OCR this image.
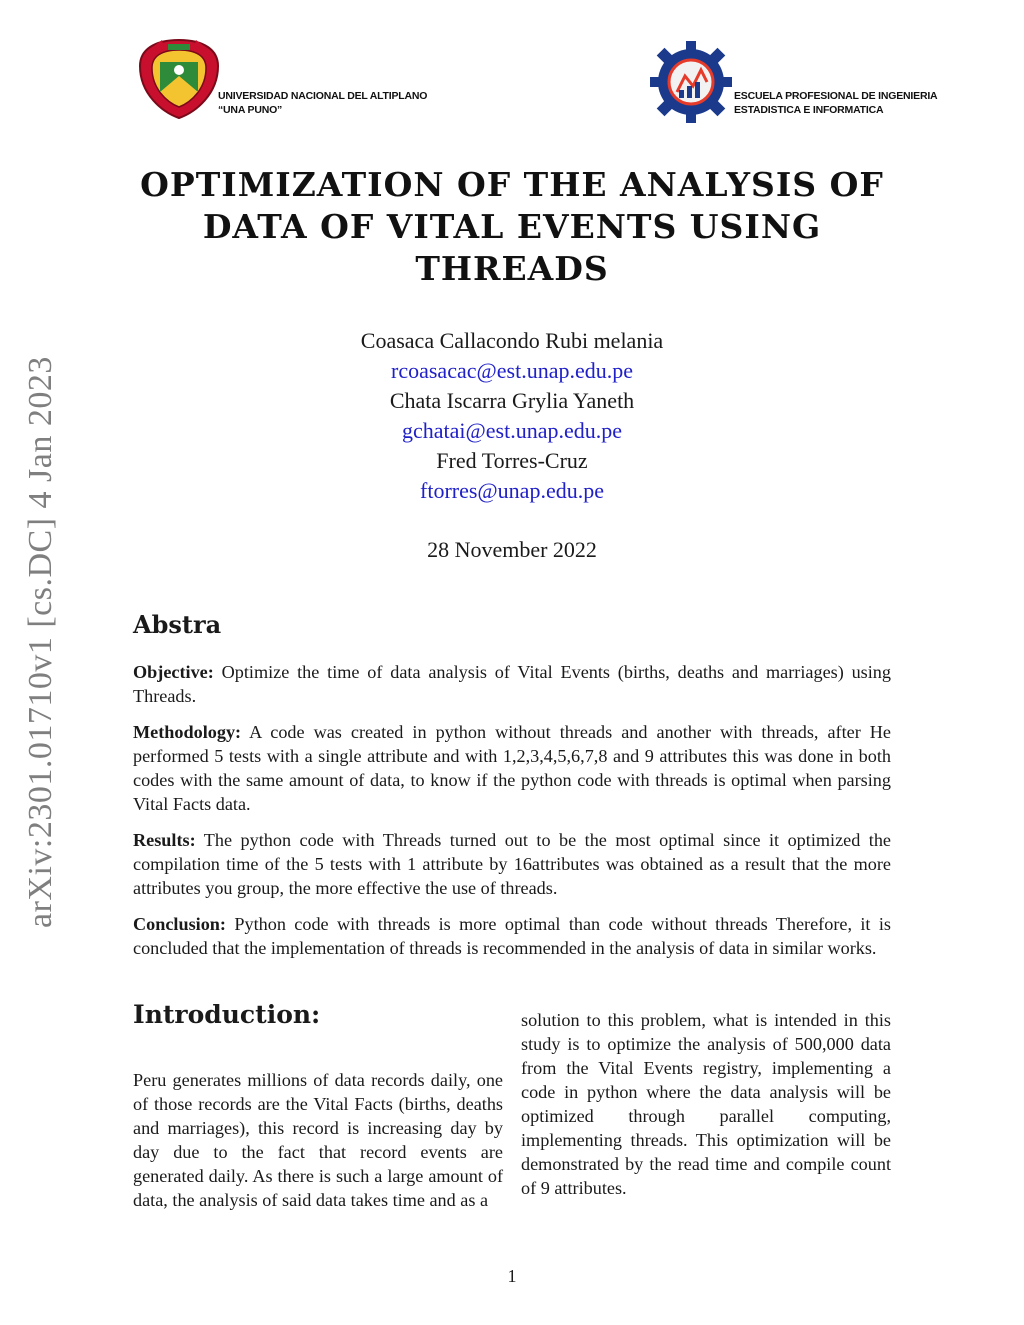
UNIVERSIDAD NACIONAL DEL ALTIPLANO
“UNA PUNO”
ESCUELA PROFESIONAL DE INGENIERIA
ESTADISTICA E INFORMATICA
arXiv:2301.01710v1 [cs.DC] 4 Jan 2023
OPTIMIZATION OF THE ANALYSIS OF
DATA OF VITAL EVENTS USING
THREADS
Coasaca Callacondo Rubi melania
rcoasacac@est.unap.edu.pe
Chata Iscarra Grylia Yaneth
gchatai@est.unap.edu.pe
Fred Torres-Cruz
ftorres@unap.edu.pe
28 November 2022
Abstra

Objective: Optimize the time of data analysis of Vital Events (births, deaths and marriages) using Threads.

Methodology: A code was created in python without threads and another with threads, after He performed 5 tests with a single attribute and with 1,2,3,4,5,6,7,8 and 9 attributes this was done in both codes with the same amount of data, to know if the python code with threads is optimal when parsing Vital Facts data.

Results: The python code with Threads turned out to be the most optimal since it optimized the compilation time of the 5 tests with 1 attribute by 16attributes was obtained as a result that the more attributes you group, the more effective the use of threads.

Conclusion: Python code with threads is more optimal than code without threads Therefore, it is concluded that the implementation of threads is recommended in the analysis of data in similar works.

Introduction:

Peru generates millions of data records daily, one of those records are the Vital Facts (births, deaths and marriages), this record is increasing day by day due to the fact that record events are generated daily. As there is such a large amount of data, the analysis of said data takes time and as a

solution to this problem, what is intended in this study is to optimize the analysis of 500,000 data from the Vital Events registry, implementing a code in python where the data analysis will be optimized through parallel computing, implementing threads. This optimization will be demonstrated by the read time and compile count of 9 attributes.

1
